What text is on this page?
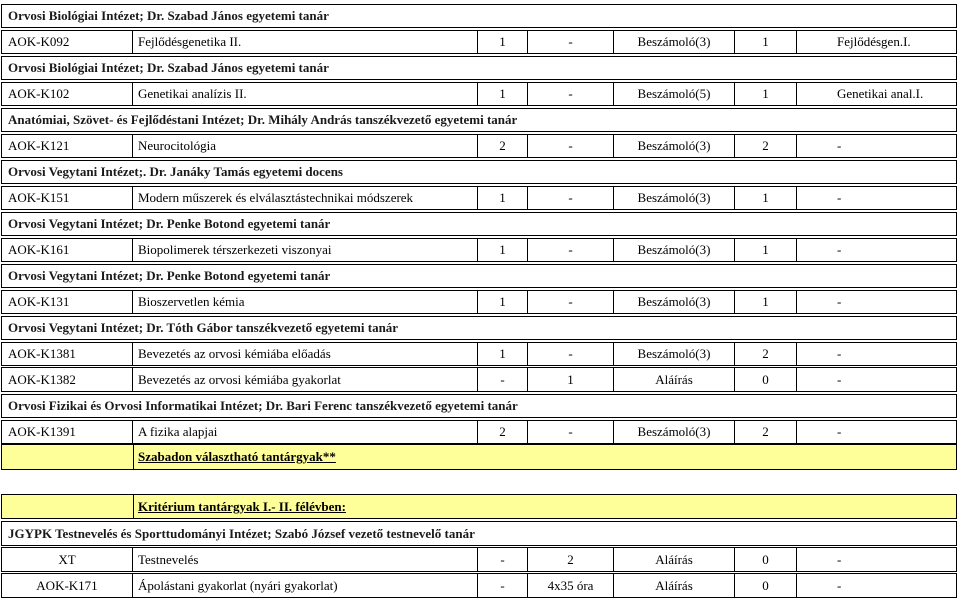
Orvosi Biológiai Intézet; Dr. Szabad János egyetemi tanár
AOK-K092	Fejlődésgenetika II.	1	-	Beszámoló(3)	1	Fejlődésgen.I.
Orvosi Biológiai Intézet; Dr. Szabad János egyetemi tanár
AOK-K102	Genetikai analízis II.	1	-	Beszámoló(5)	1	Genetikai anal.I.
Anatómiai, Szövet- és Fejlődéstani Intézet; Dr. Mihály András tanszékvezető egyetemi tanár
AOK-K121	Neurocitológia	2	-	Beszámoló(3)	2	-
Orvosi Vegytani Intézet;. Dr. Janáky Tamás egyetemi docens
AOK-K151	Modern műszerek és elválasztástechnikai módszerek	1	-	Beszámoló(3)	1	-
Orvosi Vegytani Intézet; Dr. Penke Botond egyetemi tanár
AOK-K161	Biopolimerek térszerkezeti viszonyai	1	-	Beszámoló(3)	1	-
Orvosi Vegytani Intézet; Dr. Penke Botond egyetemi tanár
AOK-K131	Bioszervetlen kémia	1	-	Beszámoló(3)	1	-
Orvosi Vegytani Intézet; Dr. Tóth Gábor tanszékvezető egyetemi tanár
AOK-K1381	Bevezetés az orvosi kémiába előadás	1	-	Beszámoló(3)	2	-
AOK-K1382	Bevezetés az orvosi kémiába gyakorlat	-	1	Aláírás	0	-
Orvosi Fizikai és Orvosi Informatikai Intézet; Dr. Bari Ferenc tanszékvezető egyetemi tanár
AOK-K1391	A fizika alapjai	2	-	Beszámoló(3)	2	-
Szabadon választható tantárgyak**
Kritérium tantárgyak I.- II. félévben:
JGYPK Testnevelés és Sporttudományi Intézet; Szabó József vezető testnevelő tanár
XT	Testnevelés	-	2	Aláírás	0	-
AOK-K171	Ápolástani gyakorlat (nyári gyakorlat)	-	4x35 óra	Aláírás	0	-
